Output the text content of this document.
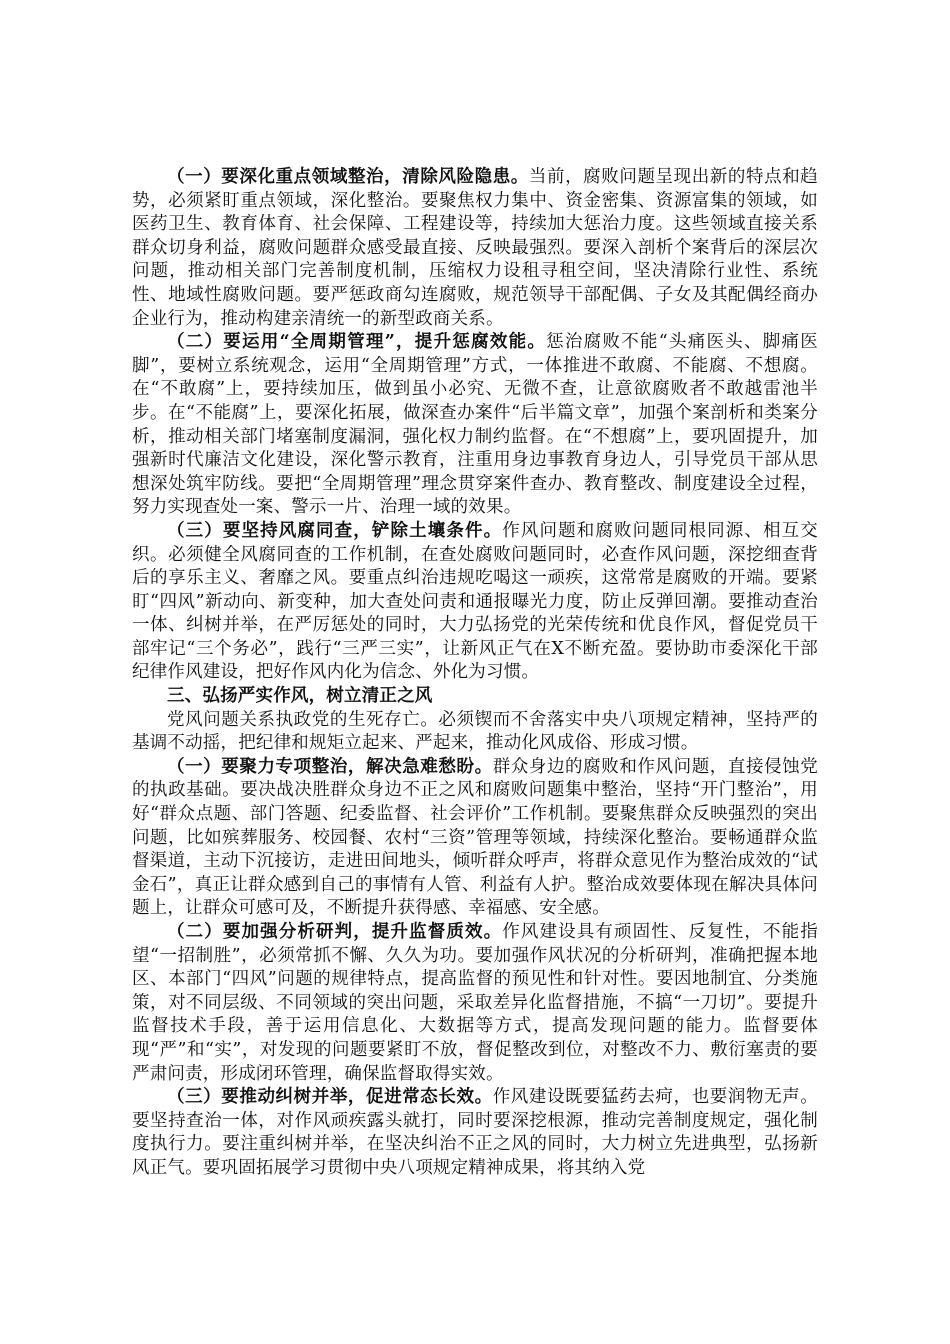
（一）要深化重点领域整治，清除风险隐患。当前，腐败问题呈现出新的特点和趋势，必须紧盯重点领域，深化整治。要聚焦权力集中、资金密集、资源富集的领域，如医药卫生、教育体育、社会保障、工程建设等，持续加大惩治力度。这些领域直接关系群众切身利益，腐败问题群众感受最直接、反映最强烈。要深入剖析个案背后的深层次问题，推动相关部门完善制度机制，压缩权力设租寻租空间，坚决清除行业性、系统性、地域性腐败问题。要严惩政商勾连腐败，规范领导干部配偶、子女及其配偶经商办企业行为，推动构建亲清统一的新型政商关系。

（二）要运用“全周期管理”，提升惩腐效能。惩治腐败不能“头痛医头、脚痛医脚”，要树立系统观念，运用“全周期管理”方式，一体推进不敢腐、不能腐、不想腐。在“不敢腐”上，要持续加压，做到虽小必究、无微不查，让意欲腐败者不敢越雷池半步。在“不能腐”上，要深化拓展，做深查办案件“后半篇文章”，加强个案剖析和类案分析，推动相关部门堵塞制度漏洞，强化权力制约监督。在“不想腐”上，要巩固提升，加强新时代廉洁文化建设，深化警示教育，注重用身边事教育身边人，引导党员干部从思想深处筑牢防线。要把“全周期管理”理念贯穿案件查办、教育整改、制度建设全过程，努力实现查处一案、警示一片、治理一域的效果。

（三）要坚持风腐同查，铲除土壤条件。作风问题和腐败问题同根同源、相互交织。必须健全风腐同查的工作机制，在查处腐败问题同时，必查作风问题，深挖细查背后的享乐主义、奢靡之风。要重点纠治违规吃喝这一顽疾，这常常是腐败的开端。要紧盯“四风”新动向、新变种，加大查处问责和通报曝光力度，防止反弹回潮。要推动查治一体、纠树并举，在严厉惩处的同时，大力弘扬党的光荣传统和优良作风，督促党员干部牢记“三个务必”，践行“三严三实”，让新风正气在X不断充盈。要协助市委深化干部纪律作风建设，把好作风内化为信念、外化为习惯。

三、弘扬严实作风，树立清正之风

党风问题关系执政党的生死存亡。必须锲而不舍落实中央八项规定精神，坚持严的基调不动摇，把纪律和规矩立起来、严起来，推动化风成俗、形成习惯。

（一）要聚力专项整治，解决急难愁盼。群众身边的腐败和作风问题，直接侵蚀党的执政基础。要决战决胜群众身边不正之风和腐败问题集中整治，坚持“开门整治”，用好“群众点题、部门答题、纪委监督、社会评价”工作机制。要聚焦群众反映强烈的突出问题，比如殡葬服务、校园餐、农村“三资”管理等领域，持续深化整治。要畅通群众监督渠道，主动下沉接访，走进田间地头，倾听群众呼声，将群众意见作为整治成效的“试金石”，真正让群众感到自己的事情有人管、利益有人护。整治成效要体现在解决具体问题上，让群众可感可及，不断提升获得感、幸福感、安全感。

（二）要加强分析研判，提升监督质效。作风建设具有顽固性、反复性，不能指望“一招制胜”，必须常抓不懈、久久为功。要加强作风状况的分析研判，准确把握本地区、本部门“四风”问题的规律特点，提高监督的预见性和针对性。要因地制宜、分类施策，对不同层级、不同领域的突出问题，采取差异化监督措施，不搞“一刀切”。要提升监督技术手段，善于运用信息化、大数据等方式，提高发现问题的能力。监督要体现“严”和“实”，对发现的问题要紧盯不放，督促整改到位，对整改不力、敷衍塞责的要严肃问责，形成闭环管理，确保监督取得实效。

（三）要推动纠树并举，促进常态长效。作风建设既要猛药去疴，也要润物无声。要坚持查治一体，对作风顽疾露头就打，同时要深挖根源，推动完善制度规定，强化制度执行力。要注重纠树并举，在坚决纠治不正之风的同时，大力树立先进典型，弘扬新风正气。要巩固拓展学习贯彻中央八项规定精神成果，将其纳入党
